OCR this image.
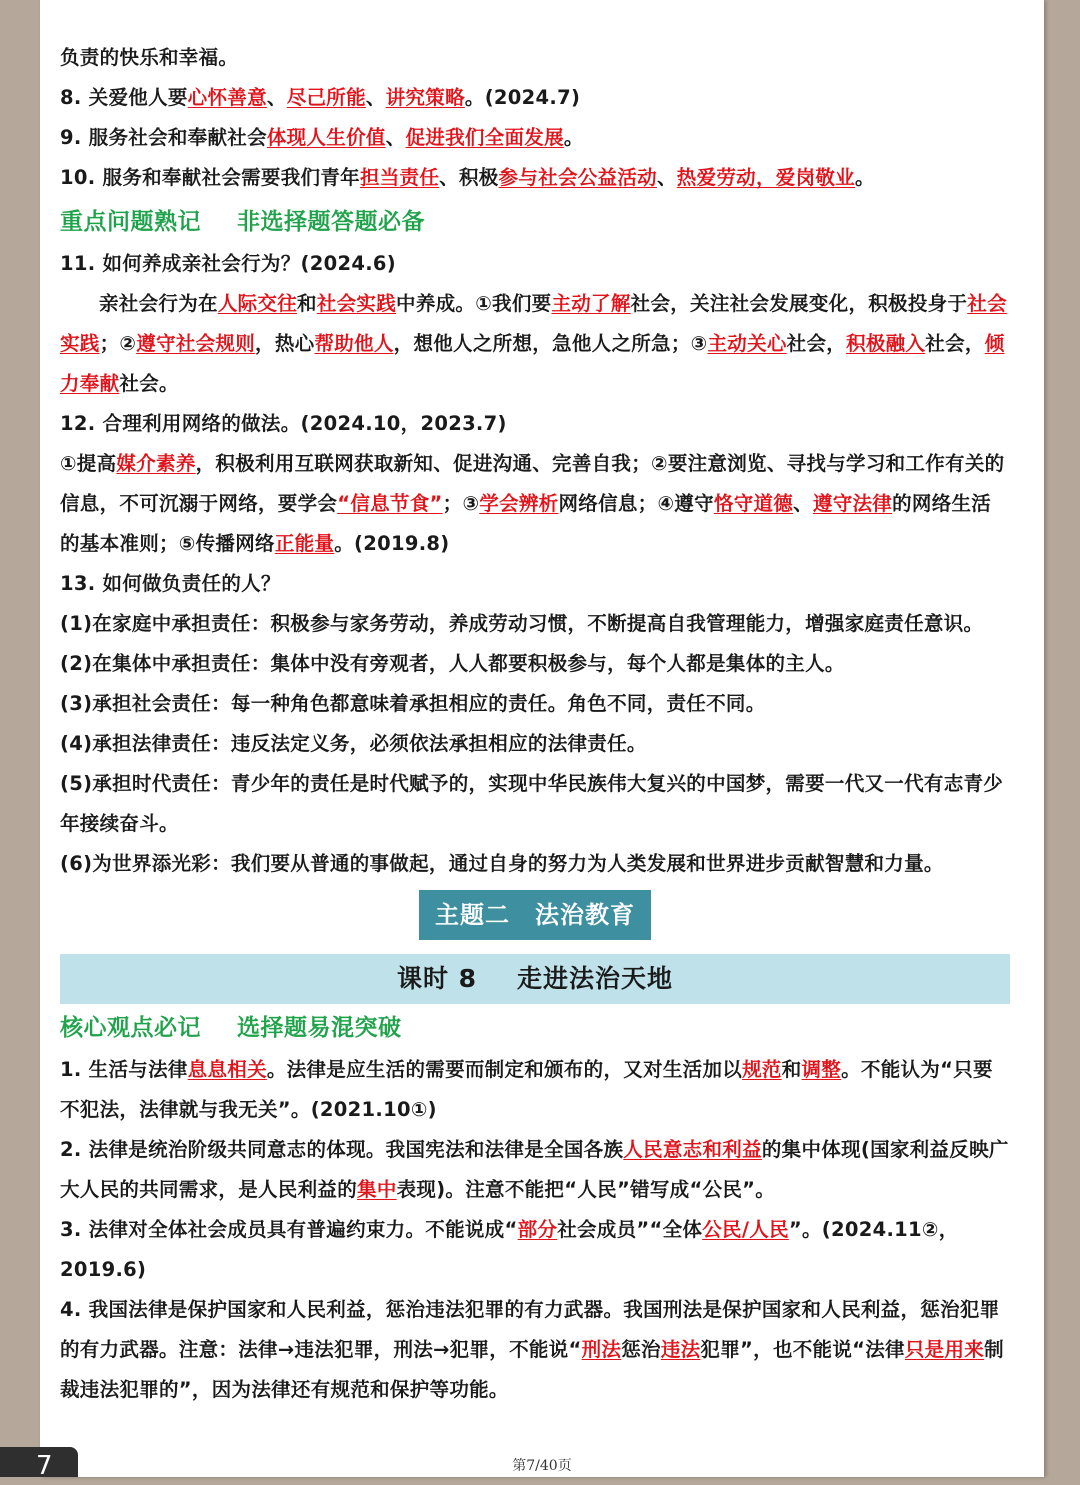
负责的快乐和幸福。

8. 关爱他人要心怀善意、尽己所能、讲究策略。(2024.7)

9. 服务社会和奉献社会体现人生价值、促进我们全面发展。

10. 服务和奉献社会需要我们青年担当责任、积极参与社会公益活动、热爱劳动，爱岗敬业。

重点问题熟记 非选择题答题必备

11. 如何养成亲社会行为？(2024.6)

亲社会行为在人际交往和社会实践中养成。①我们要主动了解社会，关注社会发展变化，积极投身于社会实践；②遵守社会规则，热心帮助他人，想他人之所想，急他人之所急；③主动关心社会，积极融入社会，倾力奉献社会。

12. 合理利用网络的做法。(2024.10，2023.7)

①提高媒介素养，积极利用互联网获取新知、促进沟通、完善自我；②要注意浏览、寻找与学习和工作有关的信息，不可沉溺于网络，要学会“信息节食”；③学会辨析网络信息；④遵守恪守道德、遵守法律的网络生活的基本准则；⑤传播网络正能量。(2019.8)

13. 如何做负责任的人？

(1)在家庭中承担责任：积极参与家务劳动，养成劳动习惯，不断提高自我管理能力，增强家庭责任意识。

(2)在集体中承担责任：集体中没有旁观者，人人都要积极参与，每个人都是集体的主人。

(3)承担社会责任：每一种角色都意味着承担相应的责任。角色不同，责任不同。

(4)承担法律责任：违反法定义务，必须依法承担相应的法律责任。

(5)承担时代责任：青少年的责任是时代赋予的，实现中华民族伟大复兴的中国梦，需要一代又一代有志青少年接续奋斗。

(6)为世界添光彩：我们要从普通的事做起，通过自身的努力为人类发展和世界进步贡献智慧和力量。

主题二　法治教育
课时 8 走进法治天地
核心观点必记 选择题易混突破

1. 生活与法律息息相关。法律是应生活的需要而制定和颁布的，又对生活加以规范和调整。不能认为“只要不犯法，法律就与我无关”。(2021.10①)

2. 法律是统治阶级共同意志的体现。我国宪法和法律是全国各族人民意志和利益的集中体现(国家利益反映广大人民的共同需求，是人民利益的集中表现)。注意不能把“人民”错写成“公民”。

3. 法律对全体社会成员具有普遍约束力。不能说成“部分社会成员”“全体公民/人民”。(2024.11②，2019.6)

4. 我国法律是保护国家和人民利益，惩治违法犯罪的有力武器。我国刑法是保护国家和人民利益，惩治犯罪的有力武器。注意：法律→违法犯罪，刑法→犯罪，不能说“刑法惩治违法犯罪”，也不能说“法律只是用来制裁违法犯罪的”，因为法律还有规范和保护等功能。

第7/40页
7
